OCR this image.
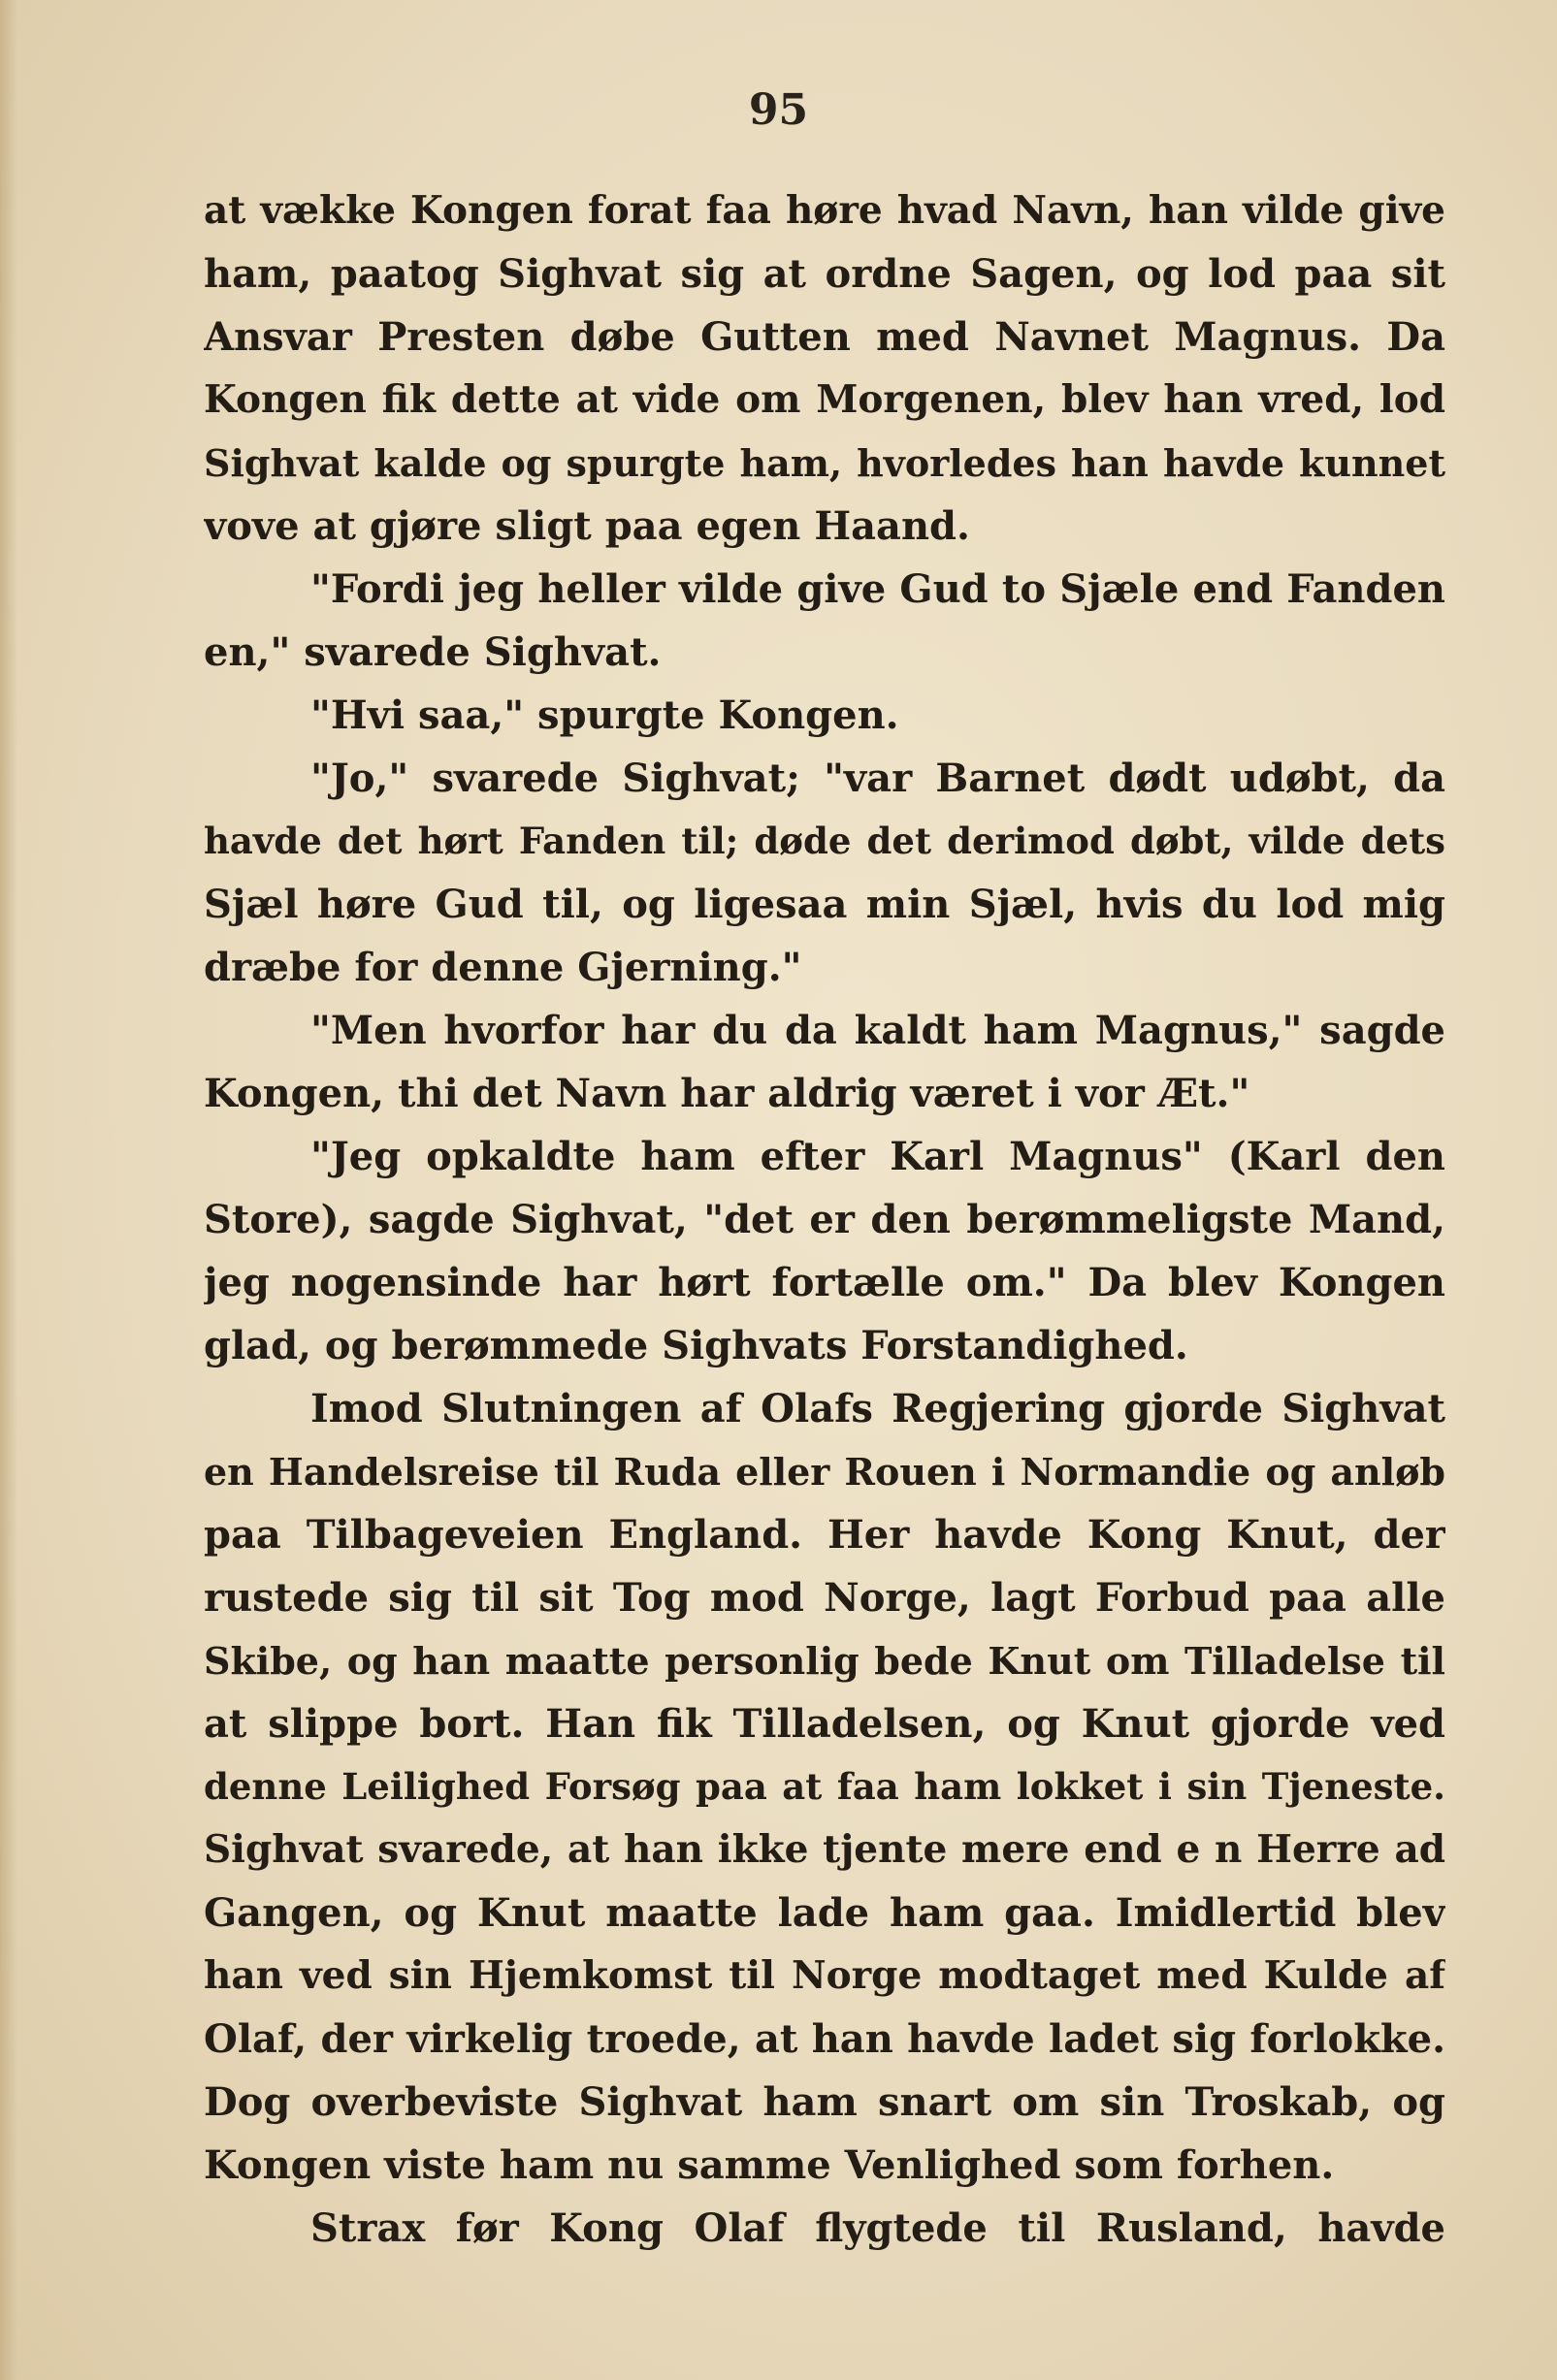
95

at vække Kongen forat faa høre hvad Navn, han vilde give
ham, paatog Sighvat sig at ordne Sagen, og lod paa sit
Ansvar Presten døbe Gutten med Navnet Magnus. Da
Kongen fik dette at vide om Morgenen, blev han vred, lod
Sighvat kalde og spurgte ham, hvorledes han havde kunnet
vove at gjøre sligt paa egen Haand.
"Fordi jeg heller vilde give Gud to Sjæle end Fanden
en," svarede Sighvat.
"Hvi saa," spurgte Kongen.
"Jo," svarede Sighvat; "var Barnet dødt udøbt, da
havde det hørt Fanden til; døde det derimod døbt, vilde dets
Sjæl høre Gud til, og ligesaa min Sjæl, hvis du lod mig
dræbe for denne Gjerning."
"Men hvorfor har du da kaldt ham Magnus," sagde
Kongen, thi det Navn har aldrig været i vor Æt."
"Jeg opkaldte ham efter Karl Magnus" (Karl den
Store), sagde Sighvat, "det er den berømmeligste Mand,
jeg nogensinde har hørt fortælle om." Da blev Kongen
glad, og berømmede Sighvats Forstandighed.
Imod Slutningen af Olafs Regjering gjorde Sighvat
en Handelsreise til Ruda eller Rouen i Normandie og anløb
paa Tilbageveien England. Her havde Kong Knut, der
rustede sig til sit Tog mod Norge, lagt Forbud paa alle
Skibe, og han maatte personlig bede Knut om Tilladelse til
at slippe bort. Han fik Tilladelsen, og Knut gjorde ved
denne Leilighed Forsøg paa at faa ham lokket i sin Tjeneste.
Sighvat svarede, at han ikke tjente mere end e n Herre ad
Gangen, og Knut maatte lade ham gaa. Imidlertid blev
han ved sin Hjemkomst til Norge modtaget med Kulde af
Olaf, der virkelig troede, at han havde ladet sig forlokke.
Dog overbeviste Sighvat ham snart om sin Troskab, og
Kongen viste ham nu samme Venlighed som forhen.
Strax før Kong Olaf flygtede til Rusland, havde
